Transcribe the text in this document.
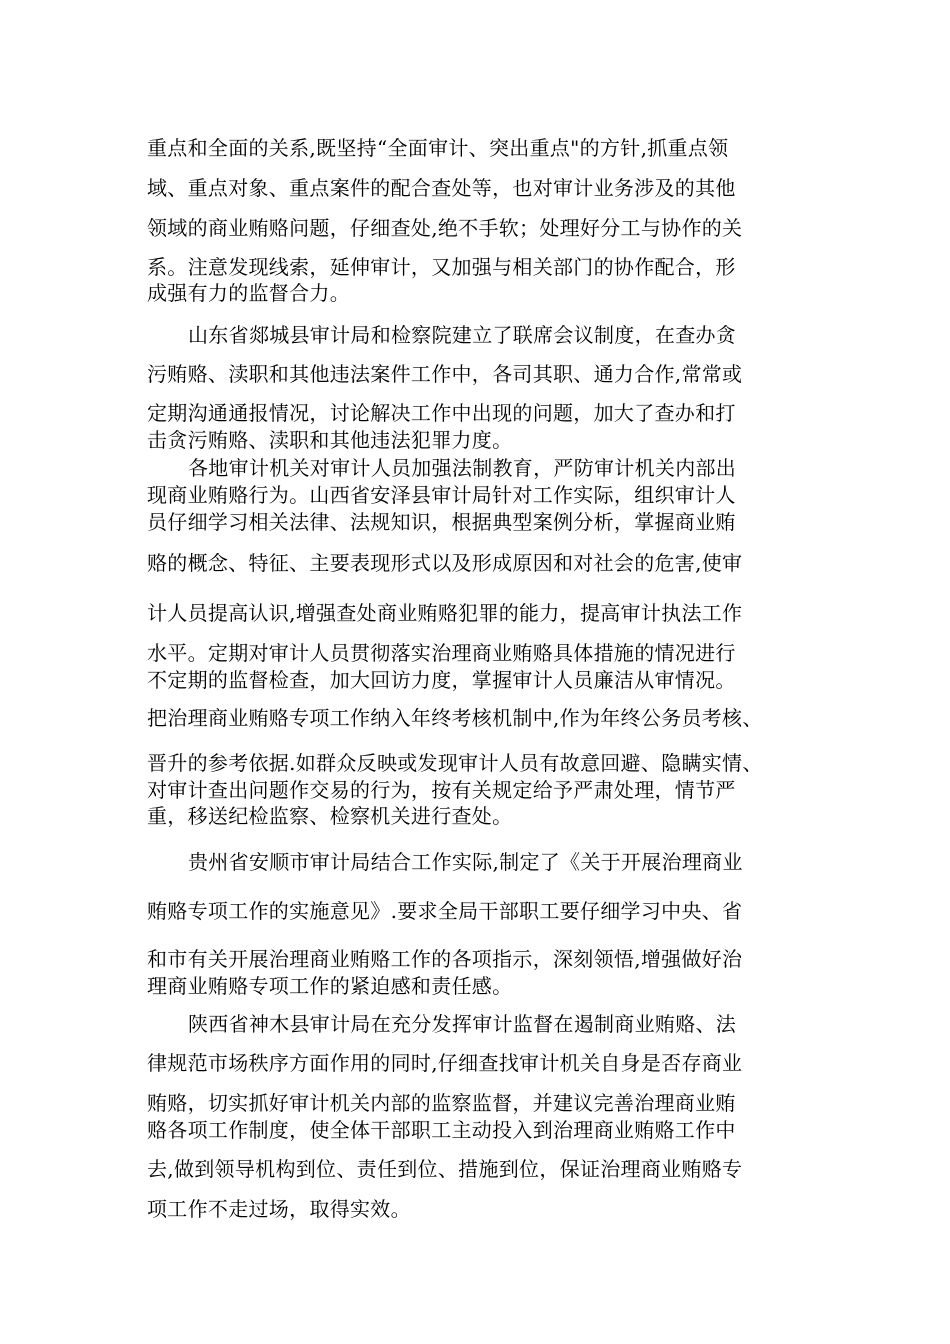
重点和全面的关系,既坚持“全面审计、突出重点"的方针,抓重点领
域、重点对象、重点案件的配合查处等，也对审计业务涉及的其他
领域的商业贿赂问题，仔细查处,绝不手软；处理好分工与协作的关
系。注意发现线索，延伸审计，又加强与相关部门的协作配合，形
成强有力的监督合力。
山东省郯城县审计局和检察院建立了联席会议制度，在查办贪
污贿赂、渎职和其他违法案件工作中，各司其职、通力合作,常常或
定期沟通通报情况，讨论解决工作中出现的问题，加大了查办和打
击贪污贿赂、渎职和其他违法犯罪力度。
各地审计机关对审计人员加强法制教育，严防审计机关内部出
现商业贿赂行为。山西省安泽县审计局针对工作实际，组织审计人
员仔细学习相关法律、法规知识，根据典型案例分析，掌握商业贿
赂的概念、特征、主要表现形式以及形成原因和对社会的危害,使审
计人员提高认识,增强查处商业贿赂犯罪的能力，提高审计执法工作
水平。定期对审计人员贯彻落实治理商业贿赂具体措施的情况进行
不定期的监督检查，加大回访力度，掌握审计人员廉洁从审情况。
把治理商业贿赂专项工作纳入年终考核机制中,作为年终公务员考核、
晋升的参考依据.如群众反映或发现审计人员有故意回避、隐瞒实情、
对审计查出问题作交易的行为，按有关规定给予严肃处理，情节严
重，移送纪检监察、检察机关进行查处。
贵州省安顺市审计局结合工作实际,制定了《关于开展治理商业
贿赂专项工作的实施意见》.要求全局干部职工要仔细学习中央、省
和市有关开展治理商业贿赂工作的各项指示，深刻领悟,增强做好治
理商业贿赂专项工作的紧迫感和责任感。
陕西省神木县审计局在充分发挥审计监督在遏制商业贿赂、法
律规范市场秩序方面作用的同时,仔细查找审计机关自身是否存商业
贿赂，切实抓好审计机关内部的监察监督，并建议完善治理商业贿
赂各项工作制度，使全体干部职工主动投入到治理商业贿赂工作中
去,做到领导机构到位、责任到位、措施到位，保证治理商业贿赂专
项工作不走过场，取得实效。
